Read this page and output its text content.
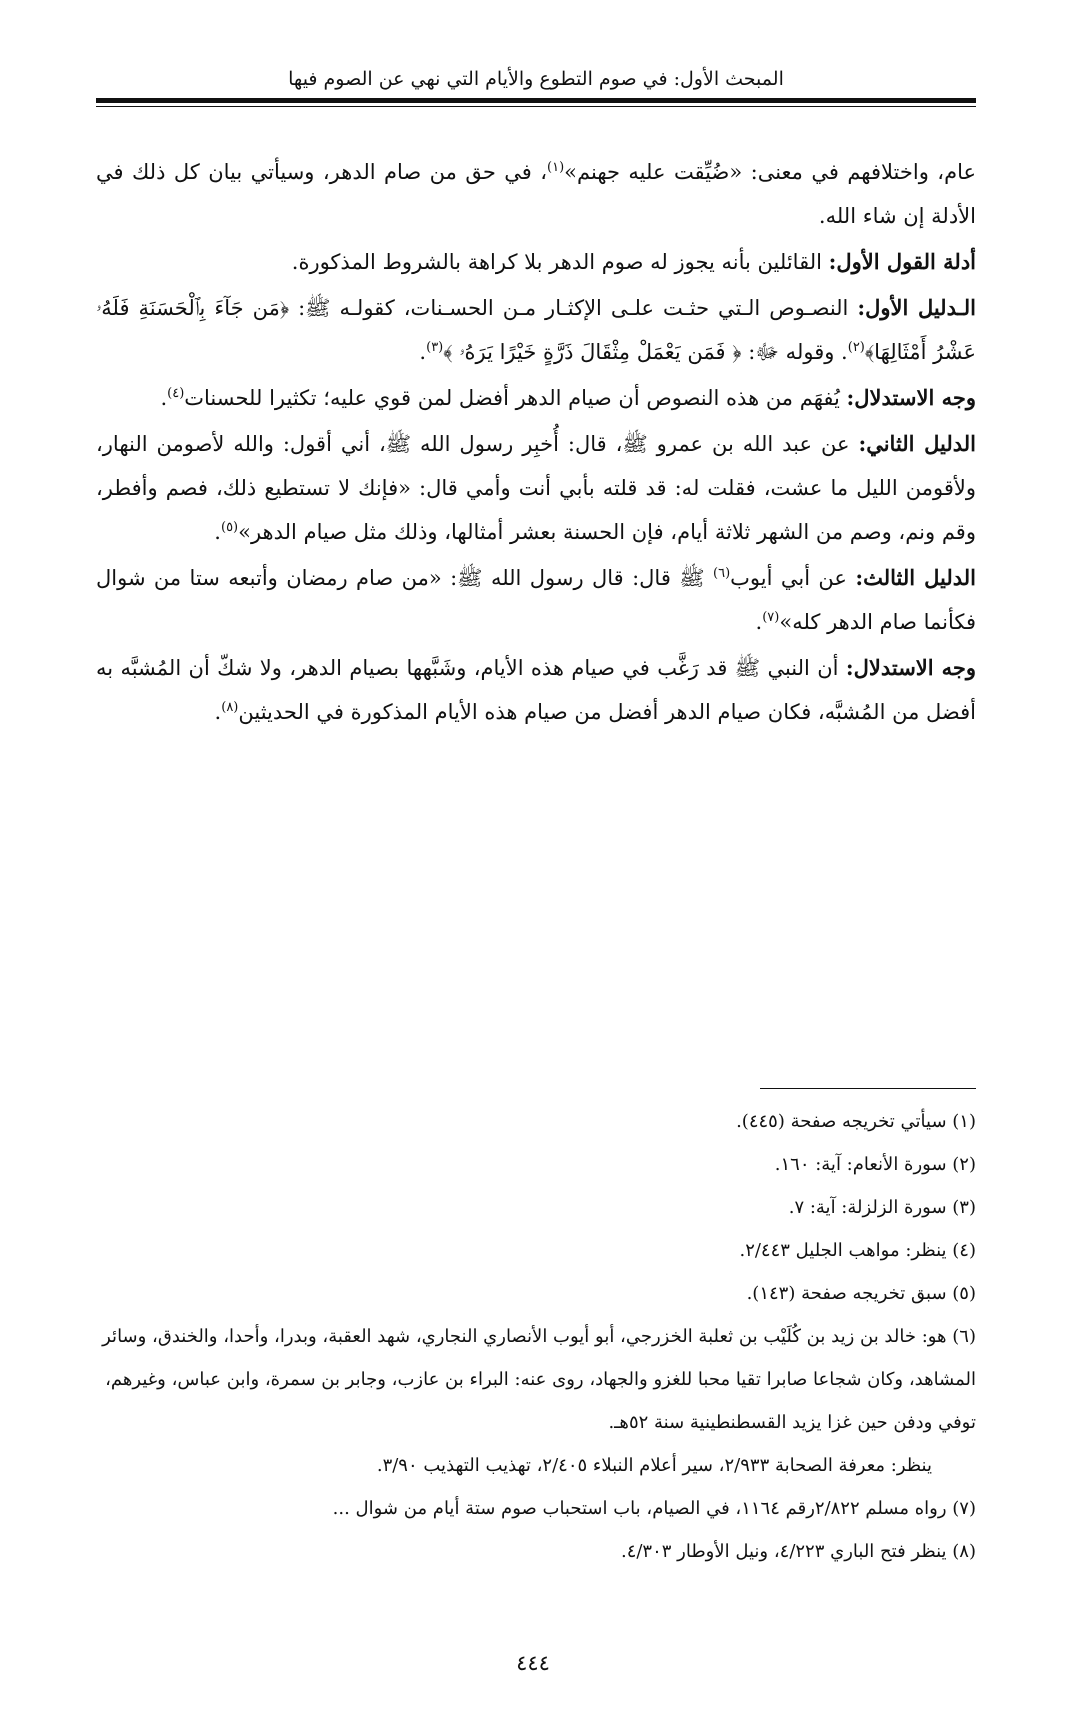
المبحث الأول: في صوم التطوع والأيام التي نهي عن الصوم فيها

عام، واختلافهم في معنى: «ضُيِّقت عليه جهنم»$^{(١)}$، في حق من صام الدهر، وسيأتي بيان كل ذلك في الأدلة إن شاء الله.

أدلة القول الأول: القائلين بأنه يجوز له صوم الدهر بلا كراهة بالشروط المذكورة.

الـدليل الأول: النصـوص الـتي حثـت علـى الإكثـار مـن الحسـنات، كقولـه ﷺ: ﴿مَن جَآءَ بِٱلْحَسَنَةِ فَلَهُۥ عَشْرُ أَمْثَالِهَا﴾$^{(٢)}$. وقوله ﷻ: ﴿ فَمَن يَعْمَلْ مِثْقَالَ ذَرَّةٍ خَيْرًا يَرَهُۥ ﴾$^{(٣)}$.

وجه الاستدلال: يُفهَم من هذه النصوص أن صيام الدهر أفضل لمن قوي عليه؛ تكثيرا للحسنات$^{(٤)}$.

الدليل الثاني: عن عبد الله بن عمرو ﷺ، قال: أُخبِر رسول الله ﷺ، أني أقول: والله لأصومن النهار، ولأقومن الليل ما عشت، فقلت له: قد قلته بأبي أنت وأمي قال: «فإنك لا تستطيع ذلك، فصم وأفطر، وقم ونم، وصم من الشهر ثلاثة أيام، فإن الحسنة بعشر أمثالها، وذلك مثل صيام الدهر»$^{(٥)}$.

الدليل الثالث: عن أبي أيوب$^{(٦)}$ ﷺ قال: قال رسول الله ﷺ: «من صام رمضان وأتبعه ستا من شوال فكأنما صام الدهر كله»$^{(٧)}$.

وجه الاستدلال: أن النبي ﷺ قد رَغَّب في صيام هذه الأيام، وشَبَّهها بصيام الدهر، ولا شكّ أن المُشبَّه به أفضل من المُشبَّه، فكان صيام الدهر أفضل من صيام هذه الأيام المذكورة في الحديثين$^{(٨)}$.

(١) سيأتي تخريجه صفحة (٤٤٥).

(٢) سورة الأنعام: آية: ١٦٠.

(٣) سورة الزلزلة: آية: ٧.

(٤) ينظر: مواهب الجليل ٢/٤٤٣.

(٥) سبق تخريجه صفحة (١٤٣).

(٦) هو: خالد بن زيد بن كُلَيْب بن ثعلبة الخزرجي، أبو أيوب الأنصاري النجاري، شهد العقبة، وبدرا، وأحدا، والخندق، وسائر المشاهد، وكان شجاعا صابرا تقيا محبا للغزو والجهاد، روى عنه: البراء بن عازب، وجابر بن سمرة، وابن عباس، وغيرهم، توفي ودفن حين غزا يزيد القسطنطينية سنة ٥٢هـ.

ينظر: معرفة الصحابة ٢/٩٣٣، سير أعلام النبلاء ٢/٤٠٥، تهذيب التهذيب ٣/٩٠.

(٧) رواه مسلم ٢/٨٢٢رقم ١١٦٤، في الصيام، باب استحباب صوم ستة أيام من شوال ...

(٨) ينظر فتح الباري ٤/٢٢٣، ونيل الأوطار ٤/٣٠٣.

٤٤٤
